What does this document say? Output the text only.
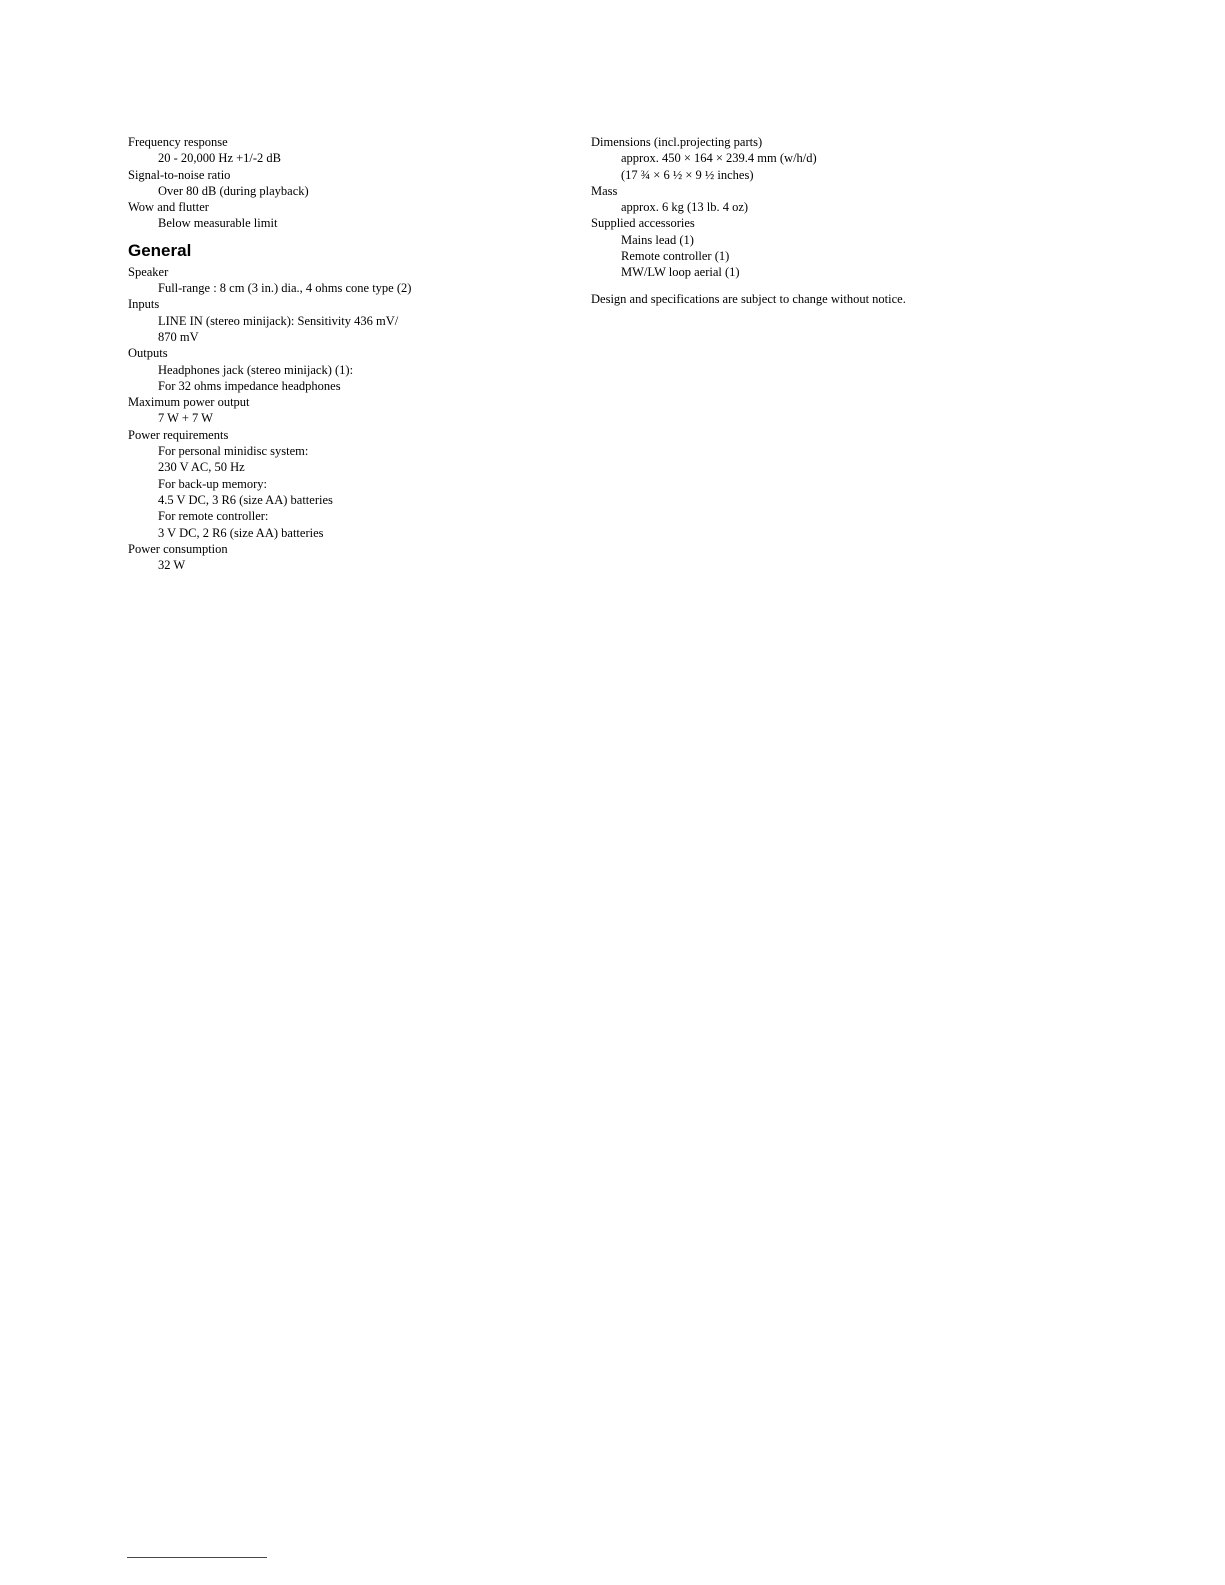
Frequency response
20 - 20,000 Hz +1/-2 dB
Signal-to-noise ratio
Over 80 dB (during playback)
Wow and flutter
Below measurable limit
General
Speaker
Full-range : 8 cm (3 in.) dia., 4 ohms cone type (2)
Inputs
LINE IN (stereo minijack): Sensitivity 436 mV/
870 mV
Outputs
Headphones jack (stereo minijack) (1):
For 32 ohms impedance headphones
Maximum power output
7 W + 7 W
Power requirements
For personal minidisc system:
230 V AC, 50 Hz
For back-up memory:
4.5 V DC, 3 R6 (size AA) batteries
For remote controller:
3 V DC, 2 R6 (size AA) batteries
Power consumption
32 W
Dimensions (incl.projecting parts)
approx. 450 × 164 × 239.4 mm (w/h/d)
(17 ¾ × 6 ½ × 9 ½ inches)
Mass
approx. 6 kg (13 lb. 4 oz)
Supplied accessories
Mains lead (1)
Remote controller (1)
MW/LW loop aerial (1)
Design and specifications are subject to change without notice.
